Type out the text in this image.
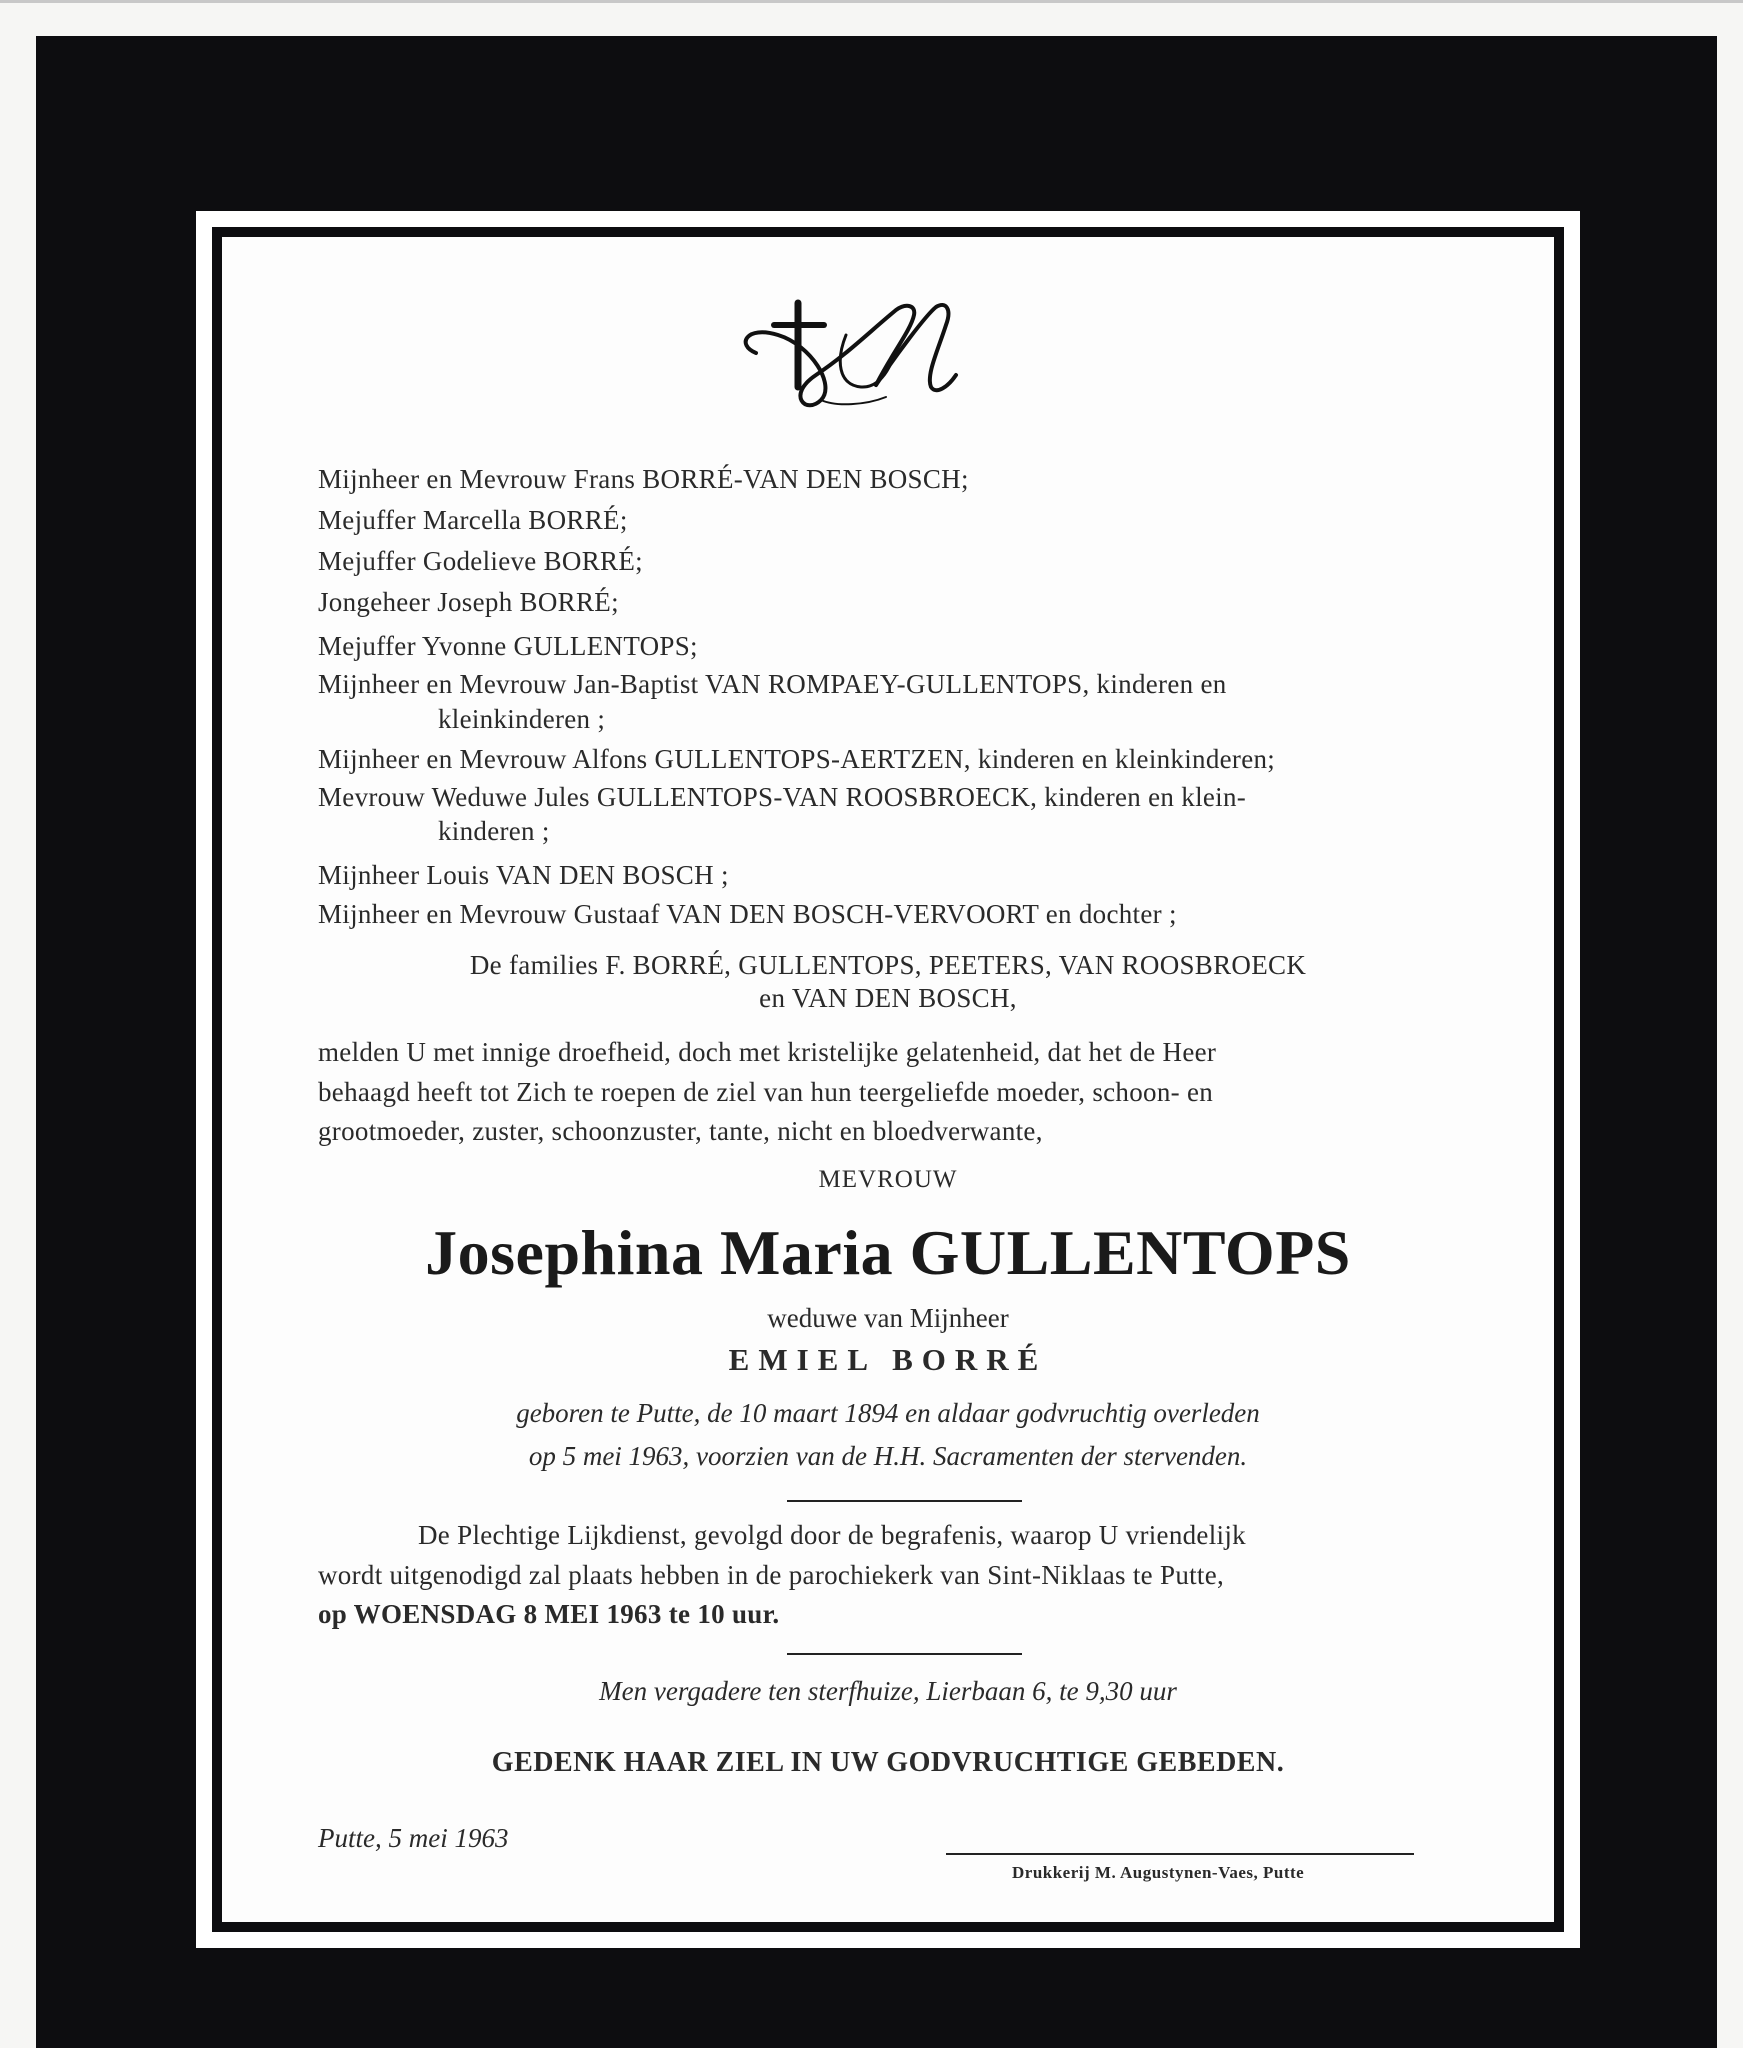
Mijnheer en Mevrouw Frans BORRÉ-VAN DEN BOSCH;
Mejuffer Marcella BORRÉ;
Mejuffer Godelieve BORRÉ;
Jongeheer Joseph BORRÉ;
Mejuffer Yvonne GULLENTOPS;
Mijnheer en Mevrouw Jan-Baptist VAN ROMPAEY-GULLENTOPS, kinderen en
kleinkinderen ;
Mijnheer en Mevrouw Alfons GULLENTOPS-AERTZEN, kinderen en kleinkinderen;
Mevrouw Weduwe Jules GULLENTOPS-VAN ROOSBROECK, kinderen en klein-
kinderen ;
Mijnheer Louis VAN DEN BOSCH ;
Mijnheer en Mevrouw Gustaaf VAN DEN BOSCH-VERVOORT en dochter ;
De families F. BORRÉ, GULLENTOPS, PEETERS, VAN ROOSBROECK
en VAN DEN BOSCH,
melden U met innige droefheid, doch met kristelijke gelatenheid, dat het de Heer
behaagd heeft tot Zich te roepen de ziel van hun teergeliefde moeder, schoon- en
grootmoeder, zuster, schoonzuster, tante, nicht en bloedverwante,
MEVROUW
Josephina Maria GULLENTOPS
weduwe van Mijnheer
EMIEL BORRÉ
geboren te Putte, de 10 maart 1894 en aldaar godvruchtig overleden
op 5 mei 1963, voorzien van de H.H. Sacramenten der stervenden.
De Plechtige Lijkdienst, gevolgd door de begrafenis, waarop U vriendelijk
wordt uitgenodigd zal plaats hebben in de parochiekerk van Sint-Niklaas te Putte,
op WOENSDAG 8 MEI 1963 te 10 uur.
Men vergadere ten sterfhuize, Lierbaan 6, te 9,30 uur
GEDENK HAAR ZIEL IN UW GODVRUCHTIGE GEBEDEN.
Putte, 5 mei 1963
Drukkerij M. Augustynen-Vaes, Putte
